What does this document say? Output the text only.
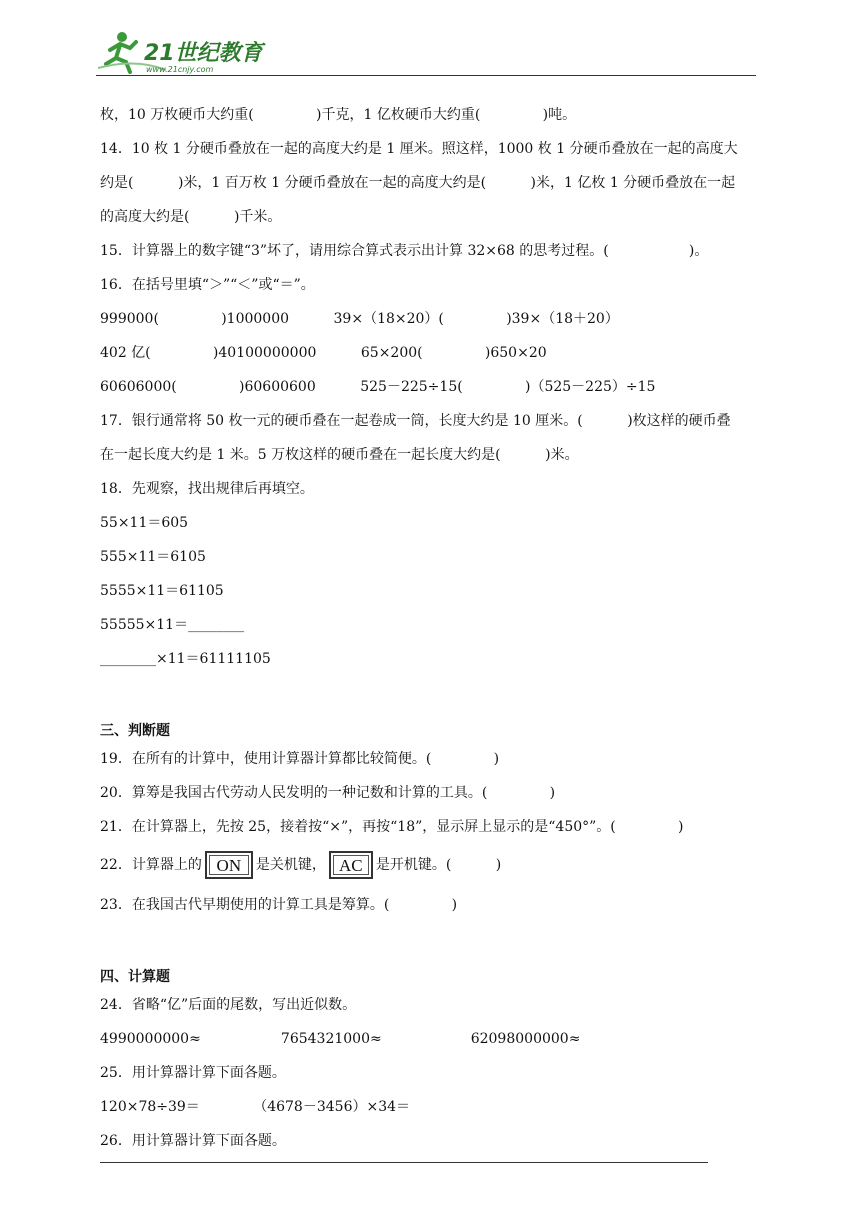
21世纪教育
www.21cnjy.com
枚，10 万枚硬币大约重(              )千克，1 亿枚硬币大约重(              )吨。
14．10 枚 1 分硬币叠放在一起的高度大约是 1 厘米。照这样，1000 枚 1 分硬币叠放在一起的高度大
约是(          )米，1 百万枚 1 分硬币叠放在一起的高度大约是(          )米，1 亿枚 1 分硬币叠放在一起
的高度大约是(          )千米。
15．计算器上的数字键“3”坏了，请用综合算式表示出计算 32×68 的思考过程。(                  )。
16．在括号里填“＞”“＜”或“＝”。
999000(              )1000000          39×（18×20）(              )39×（18＋20）
402 亿(              )40100000000          65×200(              )650×20
60606000(              )60600600          525－225÷15(              )（525－225）÷15
17．银行通常将 50 枚一元的硬币叠在一起卷成一筒，长度大约是 10 厘米。(          )枚这样的硬币叠
在一起长度大约是 1 米。5 万枚这样的硬币叠在一起长度大约是(          )米。
18．先观察，找出规律后再填空。
55×11＝605
555×11＝6105
5555×11＝61105
55555×11＝________
________×11＝61111105
三、判断题
19．在所有的计算中，使用计算器计算都比较简便。(              )
20．算筹是我国古代劳动人民发明的一种记数和计算的工具。(              )
21．在计算器上，先按 25，接着按“×”，再按“18”，显示屏上显示的是“450°”。(              )
22．计算器上的 ON	是关机键， AC 是开机键。(          )
23．在我国古代早期使用的计算工具是筹算。(              )
四、计算题
24．省略“亿”后面的尾数，写出近似数。
4990000000≈                  7654321000≈                    62098000000≈
25．用计算器计算下面各题。
120×78÷39＝            （4678－3456）×34＝
26．用计算器计算下面各题。
